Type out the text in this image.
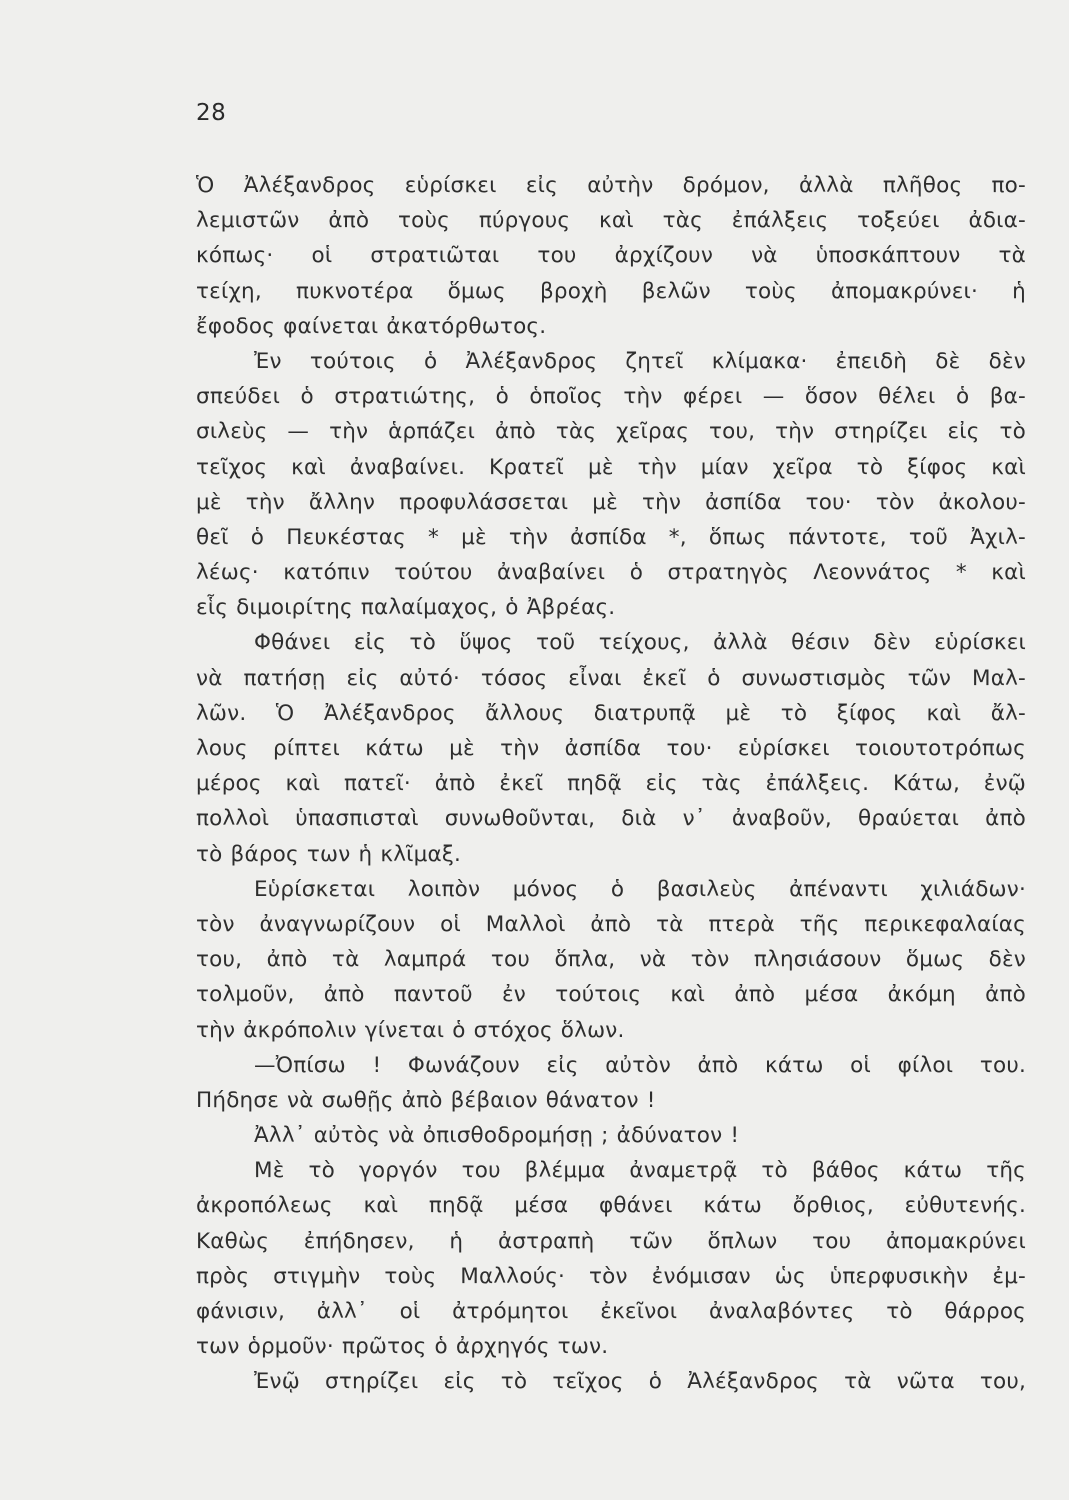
28
Ὁ Ἀλέξανδρος εὑρίσκει εἰς αὐτὴν δρόμον, ἀλλὰ πλῆθος πο-
λεμιστῶν ἀπὸ τοὺς πύργους καὶ τὰς ἐπάλξεις τοξεύει ἀδια-
κόπως· οἱ στρατιῶται του ἀρχίζουν νὰ ὑποσκάπτουν τὰ
τείχη, πυκνοτέρα ὅμως βροχὴ βελῶν τοὺς ἀπομακρύνει· ἡ
ἔφοδος φαίνεται ἀκατόρθωτος.
Ἐν τούτοις ὁ Ἀλέξανδρος ζητεῖ κλίμακα· ἐπειδὴ δὲ δὲν
σπεύδει ὁ στρατιώτης, ὁ ὁποῖος τὴν φέρει — ὅσον θέλει ὁ βα-
σιλεὺς — τὴν ἁρπάζει ἀπὸ τὰς χεῖρας του, τὴν στηρίζει εἰς τὸ
τεῖχος καὶ ἀναβαίνει. Κρατεῖ μὲ τὴν μίαν χεῖρα τὸ ξίφος καὶ
μὲ τὴν ἄλλην προφυλάσσεται μὲ τὴν ἀσπίδα του· τὸν ἀκολου-
θεῖ ὁ Πευκέστας * μὲ τὴν ἀσπίδα *, ὅπως πάντοτε, τοῦ Ἀχιλ-
λέως· κατόπιν τούτου ἀναβαίνει ὁ στρατηγὸς Λεοννάτος * καὶ
εἷς διμοιρίτης παλαίμαχος, ὁ Ἀβρέας.
Φθάνει εἰς τὸ ὕψος τοῦ τείχους, ἀλλὰ θέσιν δὲν εὑρίσκει
νὰ πατήσῃ εἰς αὐτό· τόσος εἶναι ἐκεῖ ὁ συνωστισμὸς τῶν Μαλ-
λῶν. Ὁ Ἀλέξανδρος ἄλλους διατρυπᾷ μὲ τὸ ξίφος καὶ ἄλ-
λους ρίπτει κάτω μὲ τὴν ἀσπίδα του· εὑρίσκει τοιουτοτρόπως
μέρος καὶ πατεῖ· ἀπὸ ἐκεῖ πηδᾷ εἰς τὰς ἐπάλξεις. Κάτω, ἐνῷ
πολλοὶ ὑπασπισταὶ συνωθοῦνται, διὰ ν᾽ ἀναβοῦν, θραύεται ἀπὸ
τὸ βάρος των ἡ κλῖμαξ.
Εὑρίσκεται λοιπὸν μόνος ὁ βασιλεὺς ἀπέναντι χιλιάδων·
τὸν ἀναγνωρίζουν οἱ Μαλλοὶ ἀπὸ τὰ πτερὰ τῆς περικεφαλαίας
του, ἀπὸ τὰ λαμπρά του ὅπλα, νὰ τὸν πλησιάσουν ὅμως δὲν
τολμοῦν, ἀπὸ παντοῦ ἐν τούτοις καὶ ἀπὸ μέσα ἀκόμη ἀπὸ
τὴν ἀκρόπολιν γίνεται ὁ στόχος ὅλων.
—Ὀπίσω ! Φωνάζουν εἰς αὐτὸν ἀπὸ κάτω οἱ φίλοι του.
Πήδησε νὰ σωθῇς ἀπὸ βέβαιον θάνατον !
Ἀλλ᾽ αὐτὸς νὰ ὀπισθοδρομήσῃ ; ἀδύνατον !
Μὲ τὸ γοργόν του βλέμμα ἀναμετρᾷ τὸ βάθος κάτω τῆς
ἀκροπόλεως καὶ πηδᾷ μέσα φθάνει κάτω ὄρθιος, εὐθυτενής.
Καθὼς ἐπήδησεν, ἡ ἀστραπὴ τῶν ὅπλων του ἀπομακρύνει
πρὸς στιγμὴν τοὺς Μαλλούς· τὸν ἐνόμισαν ὡς ὑπερφυσικὴν ἐμ-
φάνισιν, ἀλλ᾽ οἱ ἀτρόμητοι ἐκεῖνοι ἀναλαβόντες τὸ θάρρος
των ὁρμοῦν· πρῶτος ὁ ἀρχηγός των.
Ἐνῷ στηρίζει εἰς τὸ τεῖχος ὁ Ἀλέξανδρος τὰ νῶτα του,
